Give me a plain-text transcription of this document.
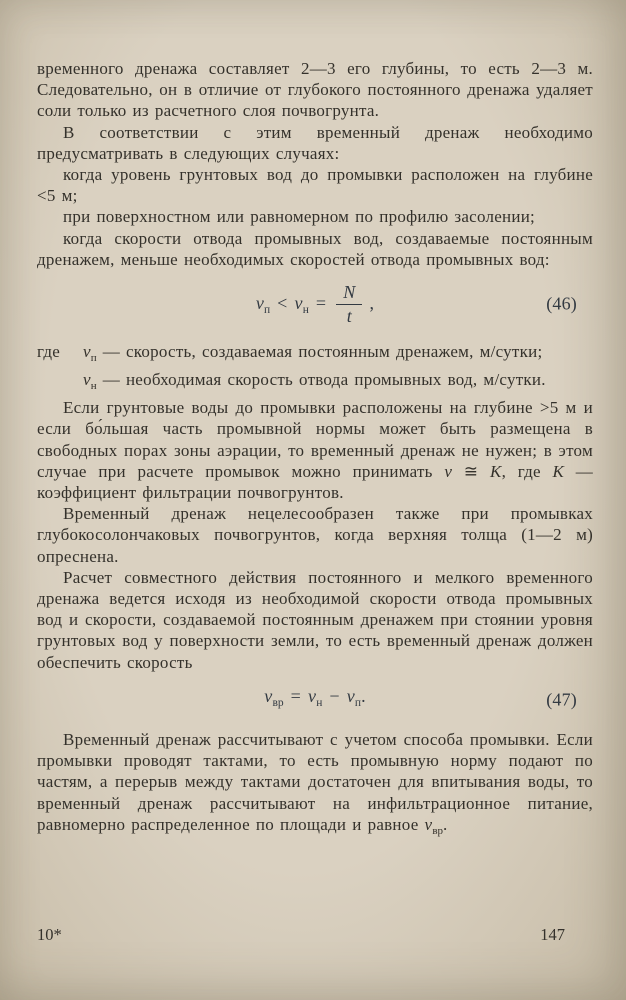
временного дренажа составляет 2—3 его глубины, то есть 2—3 м. Следовательно, он в отличие от глубокого постоянного дренажа удаляет соли только из расчетного слоя почвогрунта.

В соответствии с этим временный дренаж необходимо предусматривать в следующих случаях:

когда уровень грунтовых вод до промывки расположен на глубине <5 м;

при поверхностном или равномерном по профилю засолении;

когда скорости отвода промывных вод, создаваемые постоянным дренажем, меньше необходимых скоростей отвода промывных вод:

$v_п < v_н = \frac{N}{t}$ ,	(46)
где	$v_п$ — скорость, создаваемая постоянным дренажем, м/сутки;
$v_н$ — необходимая скорость отвода промывных вод, м/сутки.

Если грунтовые воды до промывки расположены на глубине >5 м и если бо́льшая часть промывной нормы может быть размещена в свободных порах зоны аэрации, то временный дренаж не нужен; в этом случае при расчете промывок можно принимать v ≅ K, где K — коэффициент фильтрации почвогрунтов.

Временный дренаж нецелесообразен также при промывках глубокосолончаковых почвогрунтов, когда верхняя толща (1—2 м) опреснена.

Расчет совместного действия постоянного и мелкого временного дренажа ведется исходя из необходимой скорости отвода промывных вод и скорости, создаваемой постоянным дренажем при стоянии уровня грунтовых вод у поверхности земли, то есть временный дренаж должен обеспечить скорость

$v_{вр} = v_н - v_п$.	(47)

Временный дренаж рассчитывают с учетом способа промывки. Если промывки проводят тактами, то есть промывную норму подают по частям, а перерыв между тактами достаточен для впитывания воды, то временный дренаж рассчитывают на инфильтрационное питание, равномерно распределенное по площади и равное $v_{вр}$.

10*	147
